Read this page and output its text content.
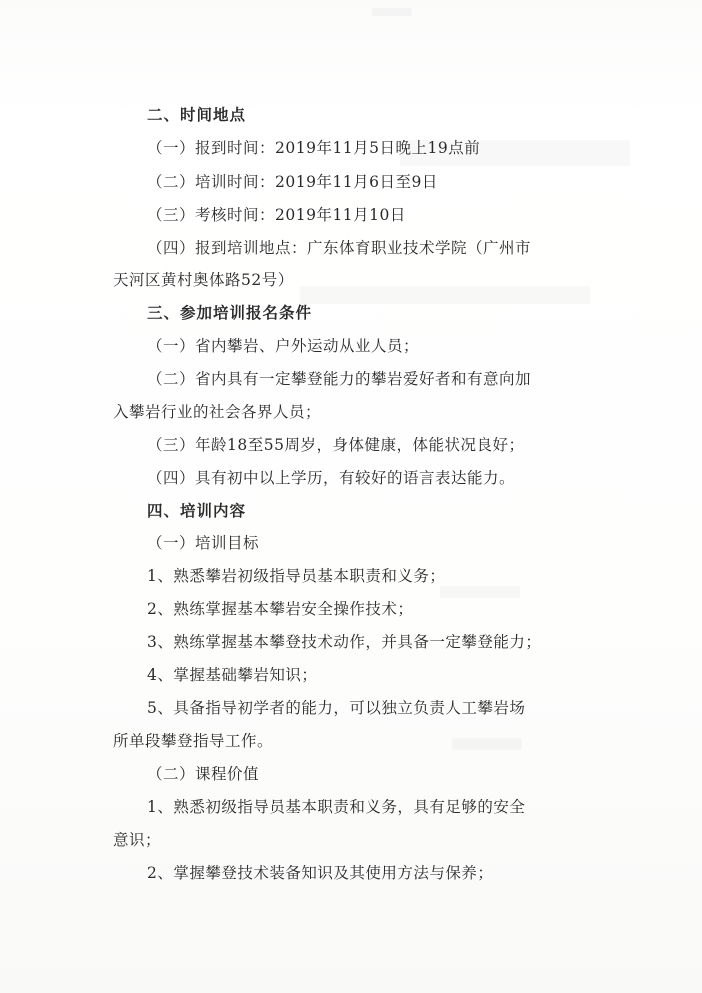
二、时间地点
（一）报到时间：2019年11月5日晚上19点前
（二）培训时间：2019年11月6日至9日
（三）考核时间：2019年11月10日
（四）报到培训地点：广东体育职业技术学院（广州市
天河区黄村奥体路52号）
三、参加培训报名条件
（一）省内攀岩、户外运动从业人员；
（二）省内具有一定攀登能力的攀岩爱好者和有意向加
入攀岩行业的社会各界人员；
（三）年龄18至55周岁，身体健康，体能状况良好；
（四）具有初中以上学历，有较好的语言表达能力。
四、培训内容
（一）培训目标
1、熟悉攀岩初级指导员基本职责和义务；
2、熟练掌握基本攀岩安全操作技术；
3、熟练掌握基本攀登技术动作，并具备一定攀登能力；
4、掌握基础攀岩知识；
5、具备指导初学者的能力，可以独立负责人工攀岩场
所单段攀登指导工作。
（二）课程价值
1、熟悉初级指导员基本职责和义务，具有足够的安全
意识；
2、掌握攀登技术装备知识及其使用方法与保养；
